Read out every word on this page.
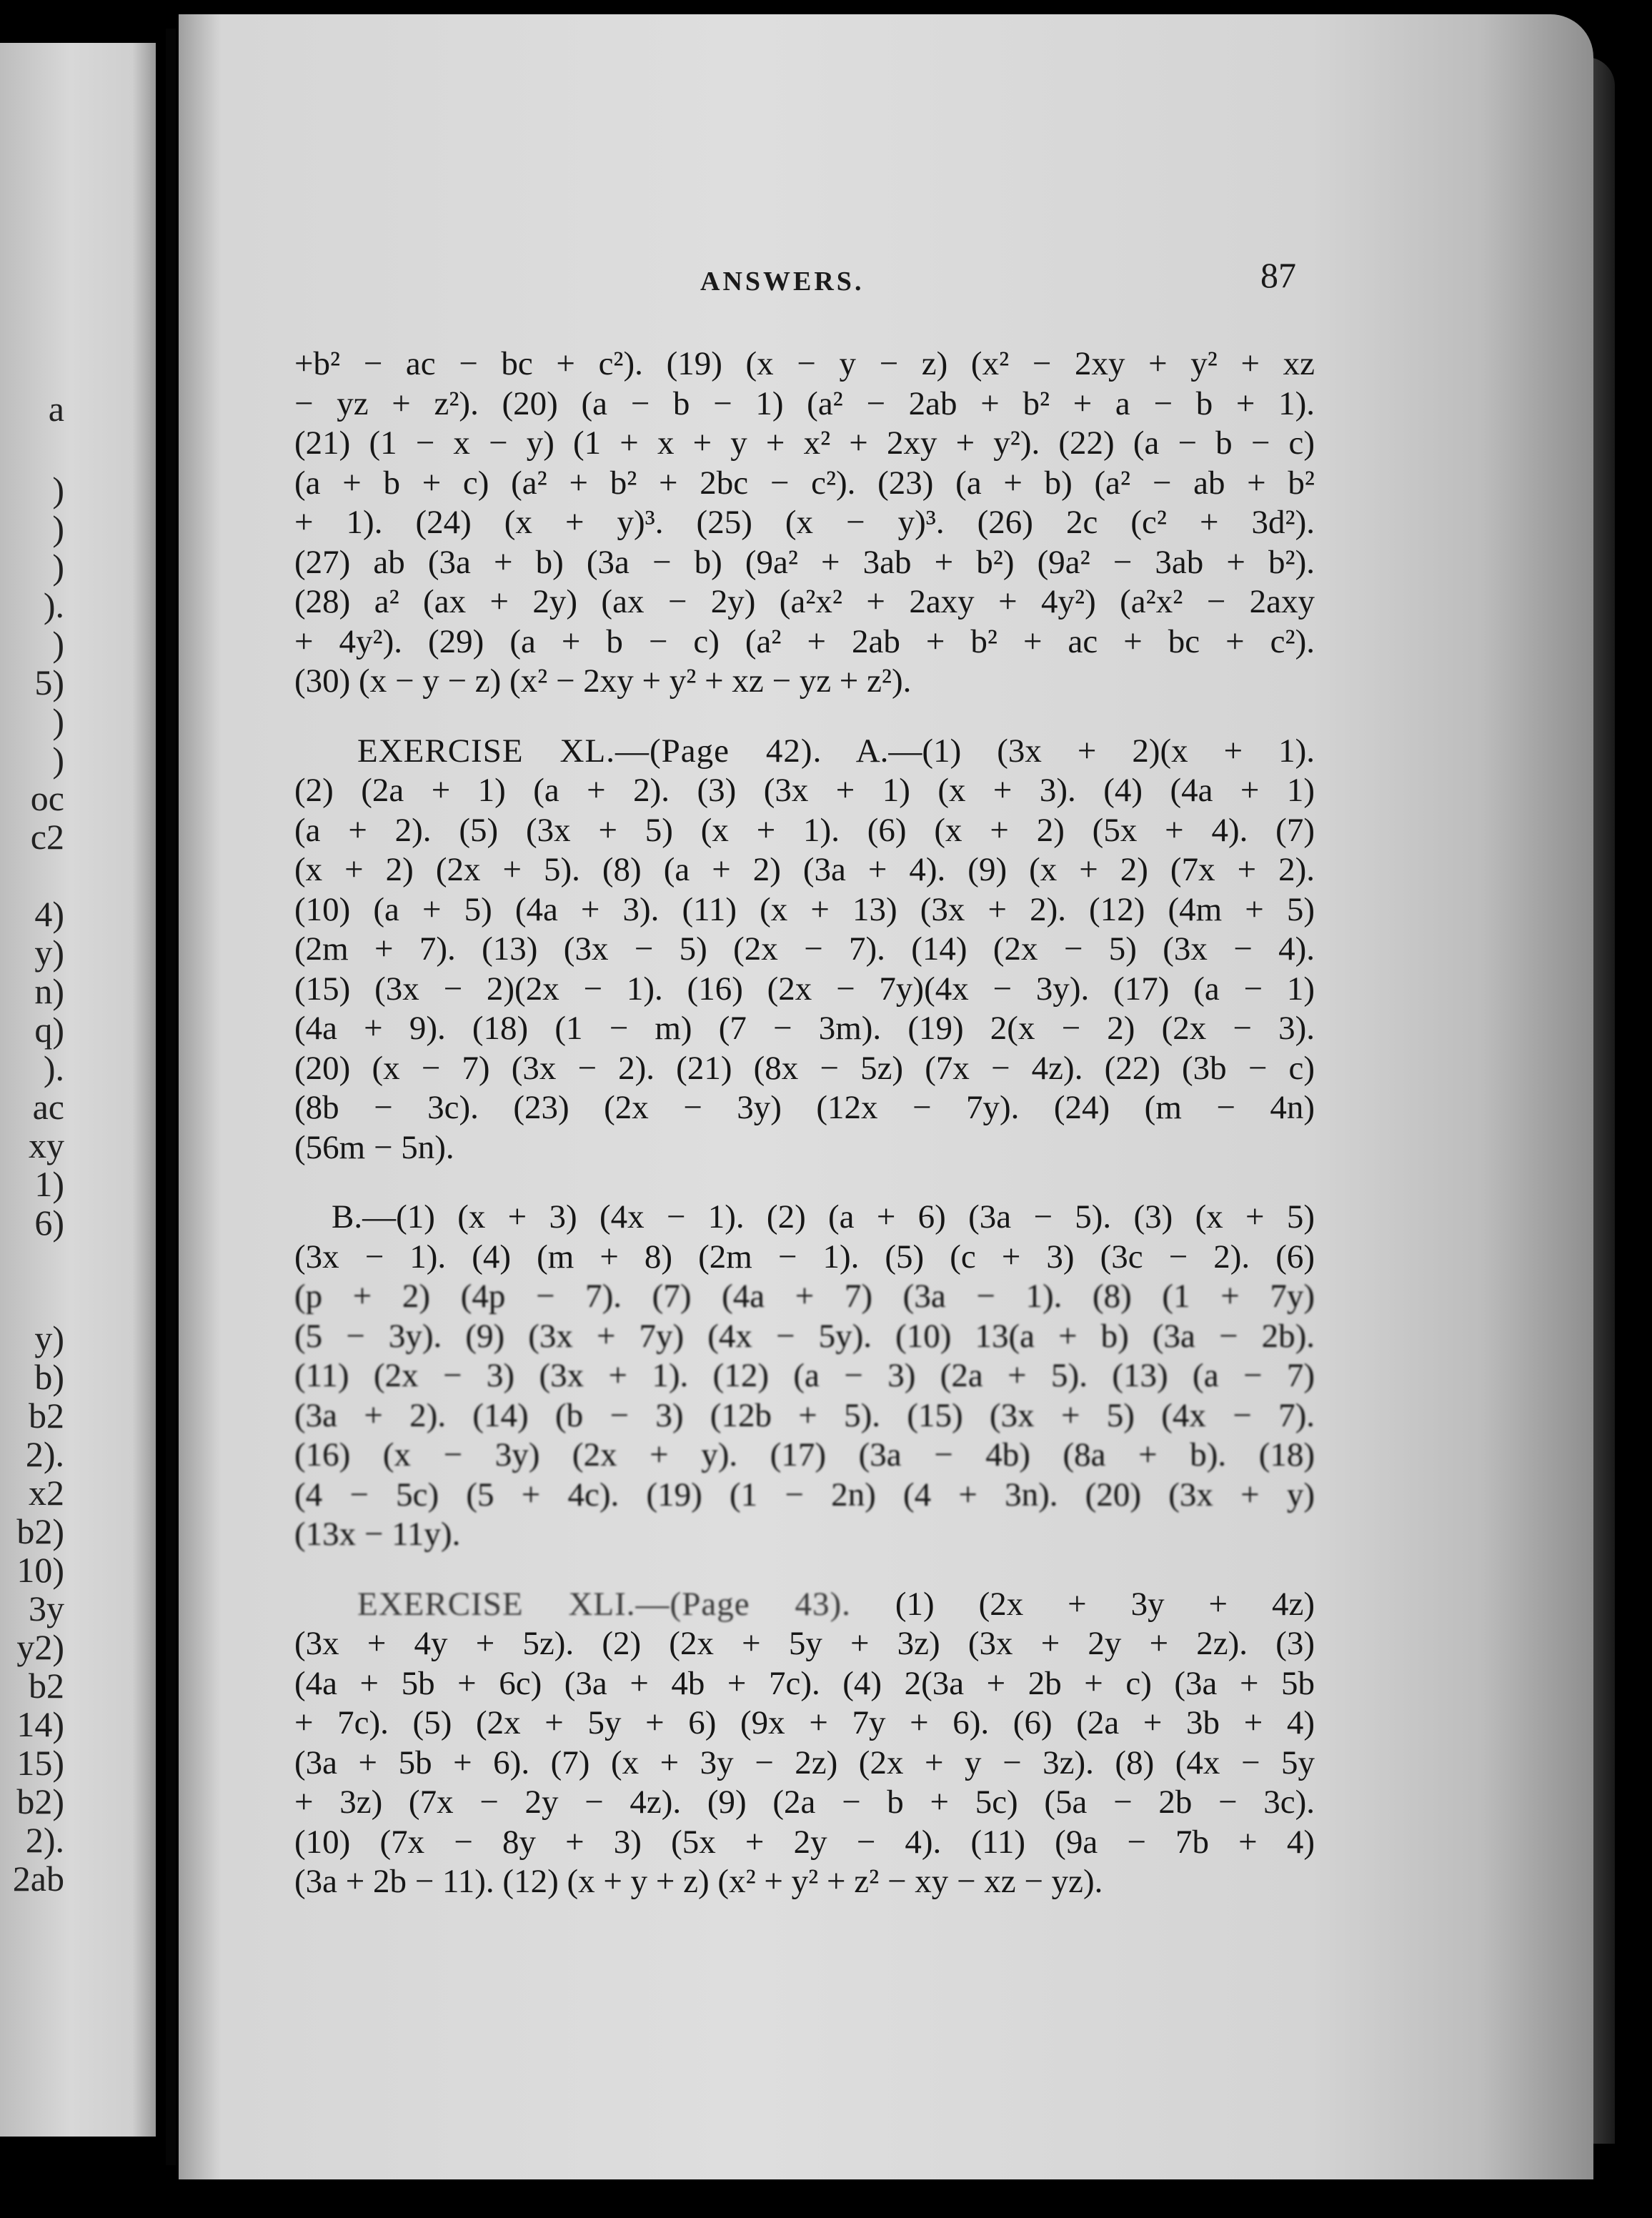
a
)
)
)
).
)
5)
)
)
oc
c2
4)
y)
n)
q)
).
ac
xy
1)
6)
y)
b)
b2
2).
x2
b2)
10)
3y
y2)
b2
14)
15)
b2)
2).
2ab
ANSWERS.	87
+b² − ac − bc + c²). (19) (x − y − z) (x² − 2xy + y² + xz
− yz + z²). (20) (a − b − 1) (a² − 2ab + b² + a − b + 1).
(21) (1 − x − y) (1 + x + y + x² + 2xy + y²). (22) (a − b − c)
(a + b + c) (a² + b² + 2bc − c²). (23) (a + b) (a² − ab + b²
+ 1). (24) (x + y)³. (25) (x − y)³. (26) 2c (c² + 3d²).
(27) ab (3a + b) (3a − b) (9a² + 3ab + b²) (9a² − 3ab + b²).
(28) a² (ax + 2y) (ax − 2y) (a²x² + 2axy + 4y²) (a²x² − 2axy
+ 4y²). (29) (a + b − c) (a² + 2ab + b² + ac + bc + c²).
(30) (x − y − z) (x² − 2xy + y² + xz − yz + z²).
EXERCISE XL.—(Page 42). A.—(1) (3x + 2)(x + 1).
(2) (2a + 1) (a + 2). (3) (3x + 1) (x + 3). (4) (4a + 1)
(a + 2). (5) (3x + 5) (x + 1). (6) (x + 2) (5x + 4). (7)
(x + 2) (2x + 5). (8) (a + 2) (3a + 4). (9) (x + 2) (7x + 2).
(10) (a + 5) (4a + 3). (11) (x + 13) (3x + 2). (12) (4m + 5)
(2m + 7). (13) (3x − 5) (2x − 7). (14) (2x − 5) (3x − 4).
(15) (3x − 2)(2x − 1). (16) (2x − 7y)(4x − 3y). (17) (a − 1)
(4a + 9). (18) (1 − m) (7 − 3m). (19) 2(x − 2) (2x − 3).
(20) (x − 7) (3x − 2). (21) (8x − 5z) (7x − 4z). (22) (3b − c)
(8b − 3c). (23) (2x − 3y) (12x − 7y). (24) (m − 4n)
(56m − 5n).
B.—(1) (x + 3) (4x − 1). (2) (a + 6) (3a − 5). (3) (x + 5)
(3x − 1). (4) (m + 8) (2m − 1). (5) (c + 3) (3c − 2). (6)
(p + 2) (4p − 7). (7) (4a + 7) (3a − 1). (8) (1 + 7y)
(5 − 3y). (9) (3x + 7y) (4x − 5y). (10) 13(a + b) (3a − 2b).
(11) (2x − 3) (3x + 1). (12) (a − 3) (2a + 5). (13) (a − 7)
(3a + 2). (14) (b − 3) (12b + 5). (15) (3x + 5) (4x − 7).
(16) (x − 3y) (2x + y). (17) (3a − 4b) (8a + b). (18)
(4 − 5c) (5 + 4c). (19) (1 − 2n) (4 + 3n). (20) (3x + y)
(13x − 11y).
EXERCISE XLI.—(Page 43). (1) (2x + 3y + 4z)
(3x + 4y + 5z). (2) (2x + 5y + 3z) (3x + 2y + 2z). (3)
(4a + 5b + 6c) (3a + 4b + 7c). (4) 2(3a + 2b + c) (3a + 5b
+ 7c). (5) (2x + 5y + 6) (9x + 7y + 6). (6) (2a + 3b + 4)
(3a + 5b + 6). (7) (x + 3y − 2z) (2x + y − 3z). (8) (4x − 5y
+ 3z) (7x − 2y − 4z). (9) (2a − b + 5c) (5a − 2b − 3c).
(10) (7x − 8y + 3) (5x + 2y − 4). (11) (9a − 7b + 4)
(3a + 2b − 11). (12) (x + y + z) (x² + y² + z² − xy − xz − yz).
